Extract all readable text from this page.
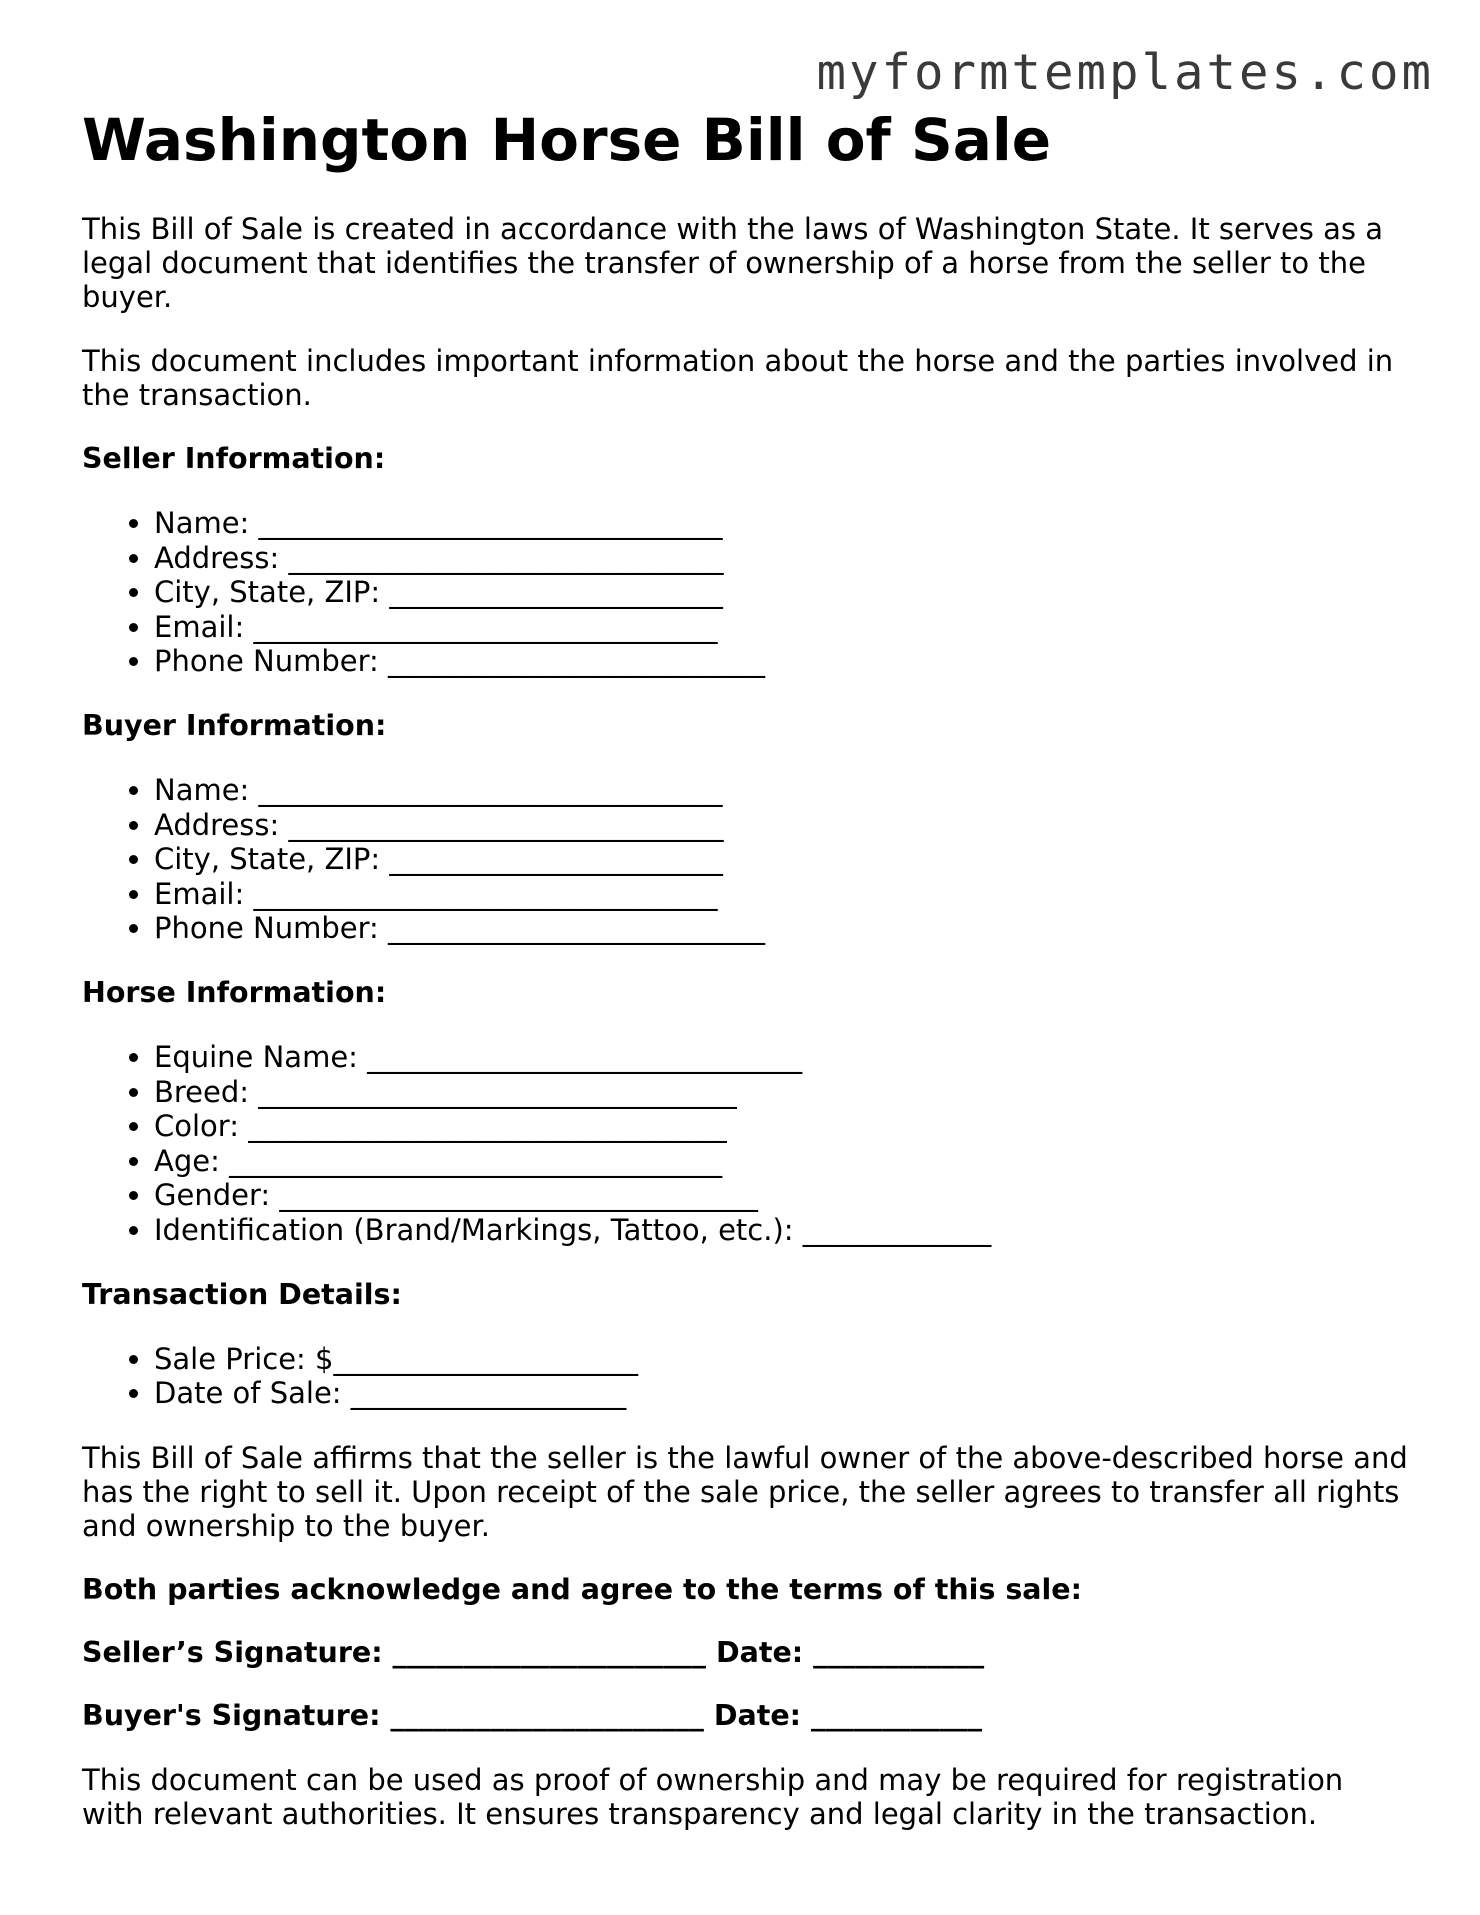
myformtemplates.com
Washington Horse Bill of Sale

This Bill of Sale is created in accordance with the laws of Washington State. It serves as a legal document that identifies the transfer of ownership of a horse from the seller to the buyer.

This document includes important information about the horse and the parties involved in the transaction.

Seller Information:
• Name: ________________________________
• Address: ______________________________
• City, State, ZIP: _______________________
• Email: ________________________________
• Phone Number: __________________________
Buyer Information:
• Name: ________________________________
• Address: ______________________________
• City, State, ZIP: _______________________
• Email: ________________________________
• Phone Number: __________________________
Horse Information:
• Equine Name: ______________________________
• Breed: _________________________________
• Color: _________________________________
• Age: __________________________________
• Gender: _________________________________
• Identification (Brand/Markings, Tattoo, etc.): _____________
Transaction Details:
• Sale Price: $_____________________
• Date of Sale: ___________________

This Bill of Sale affirms that the seller is the lawful owner of the above-described horse and has the right to sell it. Upon receipt of the sale price, the seller agrees to transfer all rights and ownership to the buyer.

Both parties acknowledge and agree to the terms of this sale:
Seller’s Signature: ______________________ Date: ____________
Buyer's Signature: ______________________ Date: ____________

This document can be used as proof of ownership and may be required for registration with relevant authorities. It ensures transparency and legal clarity in the transaction.
